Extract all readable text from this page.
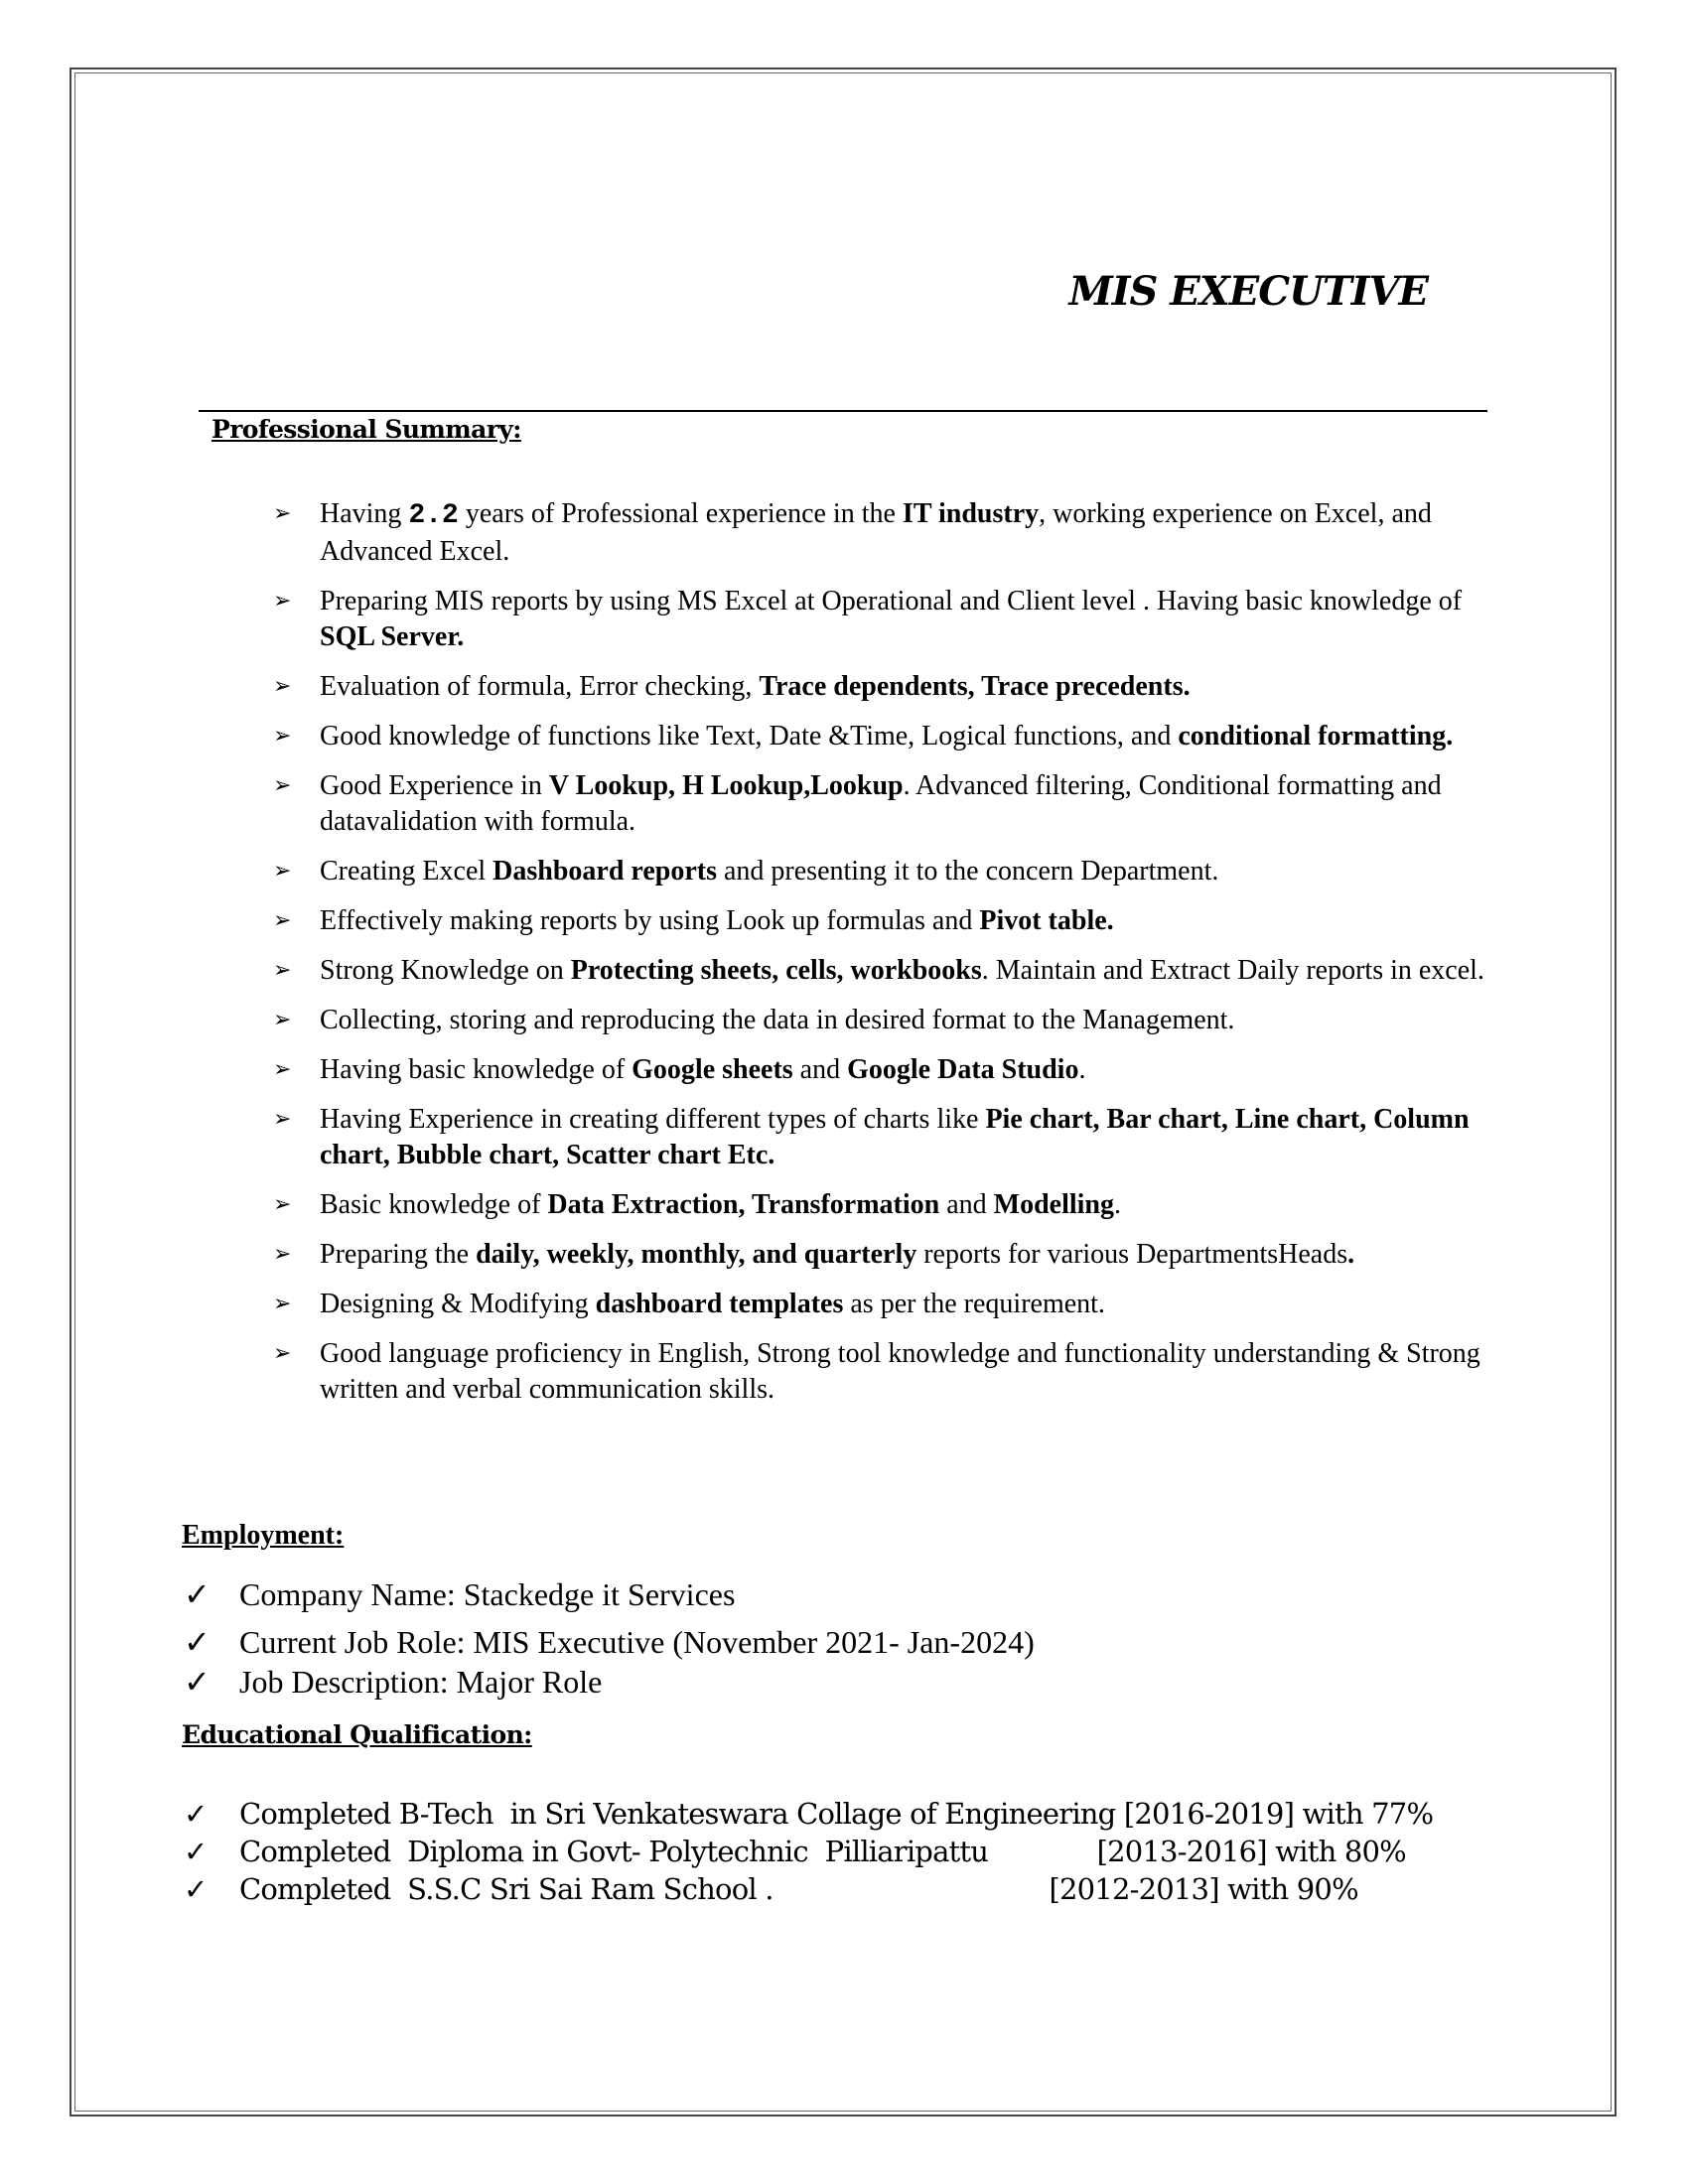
MIS EXECUTIVE
Professional Summary:
➢ Having 2.2 years of Professional experience in the IT industry, working experience on Excel, and Advanced Excel.
➢ Preparing MIS reports by using MS Excel at Operational and Client level . Having basic knowledge of SQL Server.
➢ Evaluation of formula, Error checking, Trace dependents, Trace precedents.
➢ Good knowledge of functions like Text, Date &Time, Logical functions, and conditional formatting.
➢ Good Experience in V Lookup, H Lookup,Lookup. Advanced filtering, Conditional formatting and datavalidation with formula.
➢ Creating Excel Dashboard reports and presenting it to the concern Department.
➢ Effectively making reports by using Look up formulas and Pivot table.
➢ Strong Knowledge on Protecting sheets, cells, workbooks. Maintain and Extract Daily reports in excel.
➢ Collecting, storing and reproducing the data in desired format to the Management.
➢ Having basic knowledge of Google sheets and Google Data Studio.
➢ Having Experience in creating different types of charts like Pie chart, Bar chart, Line chart, Column chart, Bubble chart, Scatter chart Etc.
➢ Basic knowledge of Data Extraction, Transformation and Modelling.
➢ Preparing the daily, weekly, monthly, and quarterly reports for various DepartmentsHeads.
➢ Designing & Modifying dashboard templates as per the requirement.
➢ Good language proficiency in English, Strong tool knowledge and functionality understanding & Strong written and verbal communication skills.
Employment:
✓ Company Name: Stackedge it Services
✓ Current Job Role: MIS Executive (November 2021- Jan-2024)
✓ Job Description: Major Role
Educational Qualification:
✓ Completed B-Tech  in Sri Venkateswara Collage of Engineering [2016-2019] with 77%
✓ Completed  Diploma in Govt- Polytechnic  Pilliaripattu             [2013-2016] with 80%
✓ Completed  S.S.C Sri Sai Ram School .                                 [2012-2013] with 90%
